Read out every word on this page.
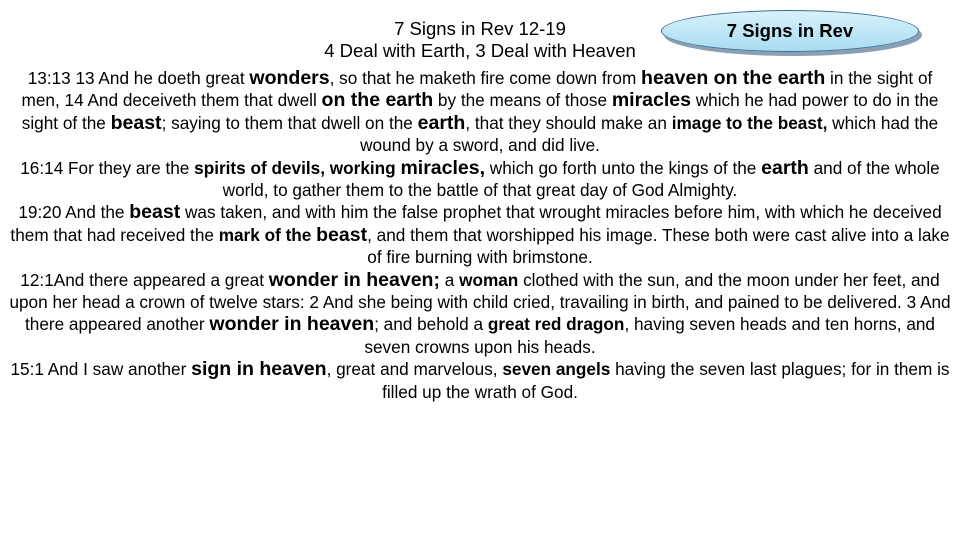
7 Signs in Rev 12-19
4 Deal with Earth, 3 Deal with Heaven
7 Signs in Rev

13:13 13 And he doeth great wonders, so that he maketh fire come down from heaven on the earth in the sight of men, 14 And deceiveth them that dwell on the earth by the means of those miracles which he had power to do in the sight of the beast; saying to them that dwell on the earth, that they should make an image to the beast, which had the wound by a sword, and did live.

16:14 For they are the spirits of devils, working miracles, which go forth unto the kings of the earth and of the whole world, to gather them to the battle of that great day of God Almighty.

19:20 And the beast was taken, and with him the false prophet that wrought miracles before him, with which he deceived them that had received the mark of the beast, and them that worshipped his image. These both were cast alive into a lake of fire burning with brimstone.

12:1And there appeared a great wonder in heaven; a woman clothed with the sun, and the moon under her feet, and upon her head a crown of twelve stars: 2 And she being with child cried, travailing in birth, and pained to be delivered. 3 And there appeared another wonder in heaven; and behold a great red dragon, having seven heads and ten horns, and seven crowns upon his heads.

15:1 And I saw another sign in heaven, great and marvelous, seven angels having the seven last plagues; for in them is filled up the wrath of God.
